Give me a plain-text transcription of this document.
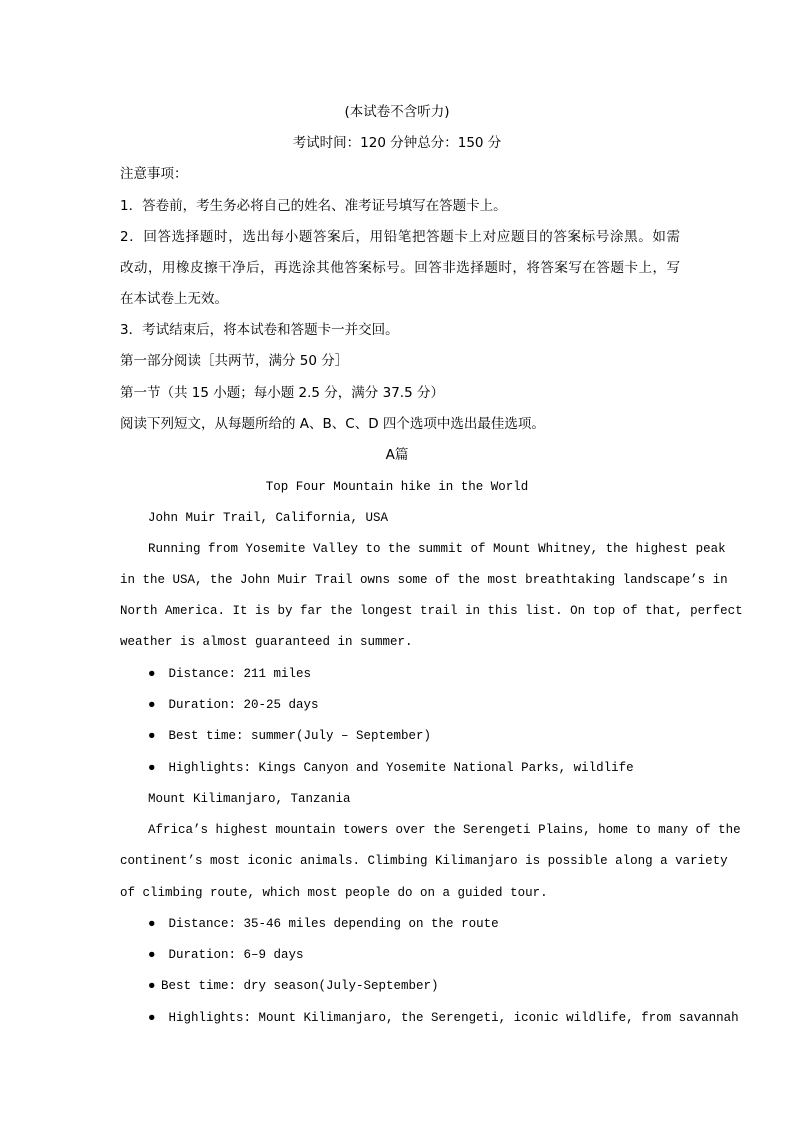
(本试卷不含听力)
考试时间：120 分钟总分：150 分
注意事项：
1．答卷前，考生务必将自己的姓名、准考证号填写在答题卡上。
2．回答选择题时，选出每小题答案后，用铅笔把答题卡上对应题目的答案标号涂黑。如需
改动，用橡皮擦干净后，再选涂其他答案标号。回答非选择题时，将答案写在答题卡上，写
在本试卷上无效。
3．考试结束后，将本试卷和答题卡一并交回。
第一部分阅读［共两节，满分 50 分］
第一节（共 15 小题；每小题 2.5 分，满分 37.5 分）
阅读下列短文，从每题所给的 A、B、C、D 四个选项中选出最佳选项。
A篇
Top Four Mountain hike in the World
John Muir Trail, California, USA
Running from Yosemite Valley to the summit of Mount Whitney, the highest peak
in the USA, the John Muir Trail owns some of the most breathtaking landscape’s in
North America. It is by far the longest trail in this list. On top of that, perfect
weather is almost guaranteed in summer.
● Distance: 211 miles
● Duration: 20-25 days
● Best time: summer(July – September)
● Highlights: Kings Canyon and Yosemite National Parks, wildlife
Mount Kilimanjaro, Tanzania
Africa’s highest mountain towers over the Serengeti Plains, home to many of the
continent’s most iconic animals. Climbing Kilimanjaro is possible along a variety
of climbing route, which most people do on a guided tour.
● Distance: 35-46 miles depending on the route
● Duration: 6–9 days
● Best time: dry season(July-September)
● Highlights: Mount Kilimanjaro, the Serengeti, iconic wildlife, from savannah
